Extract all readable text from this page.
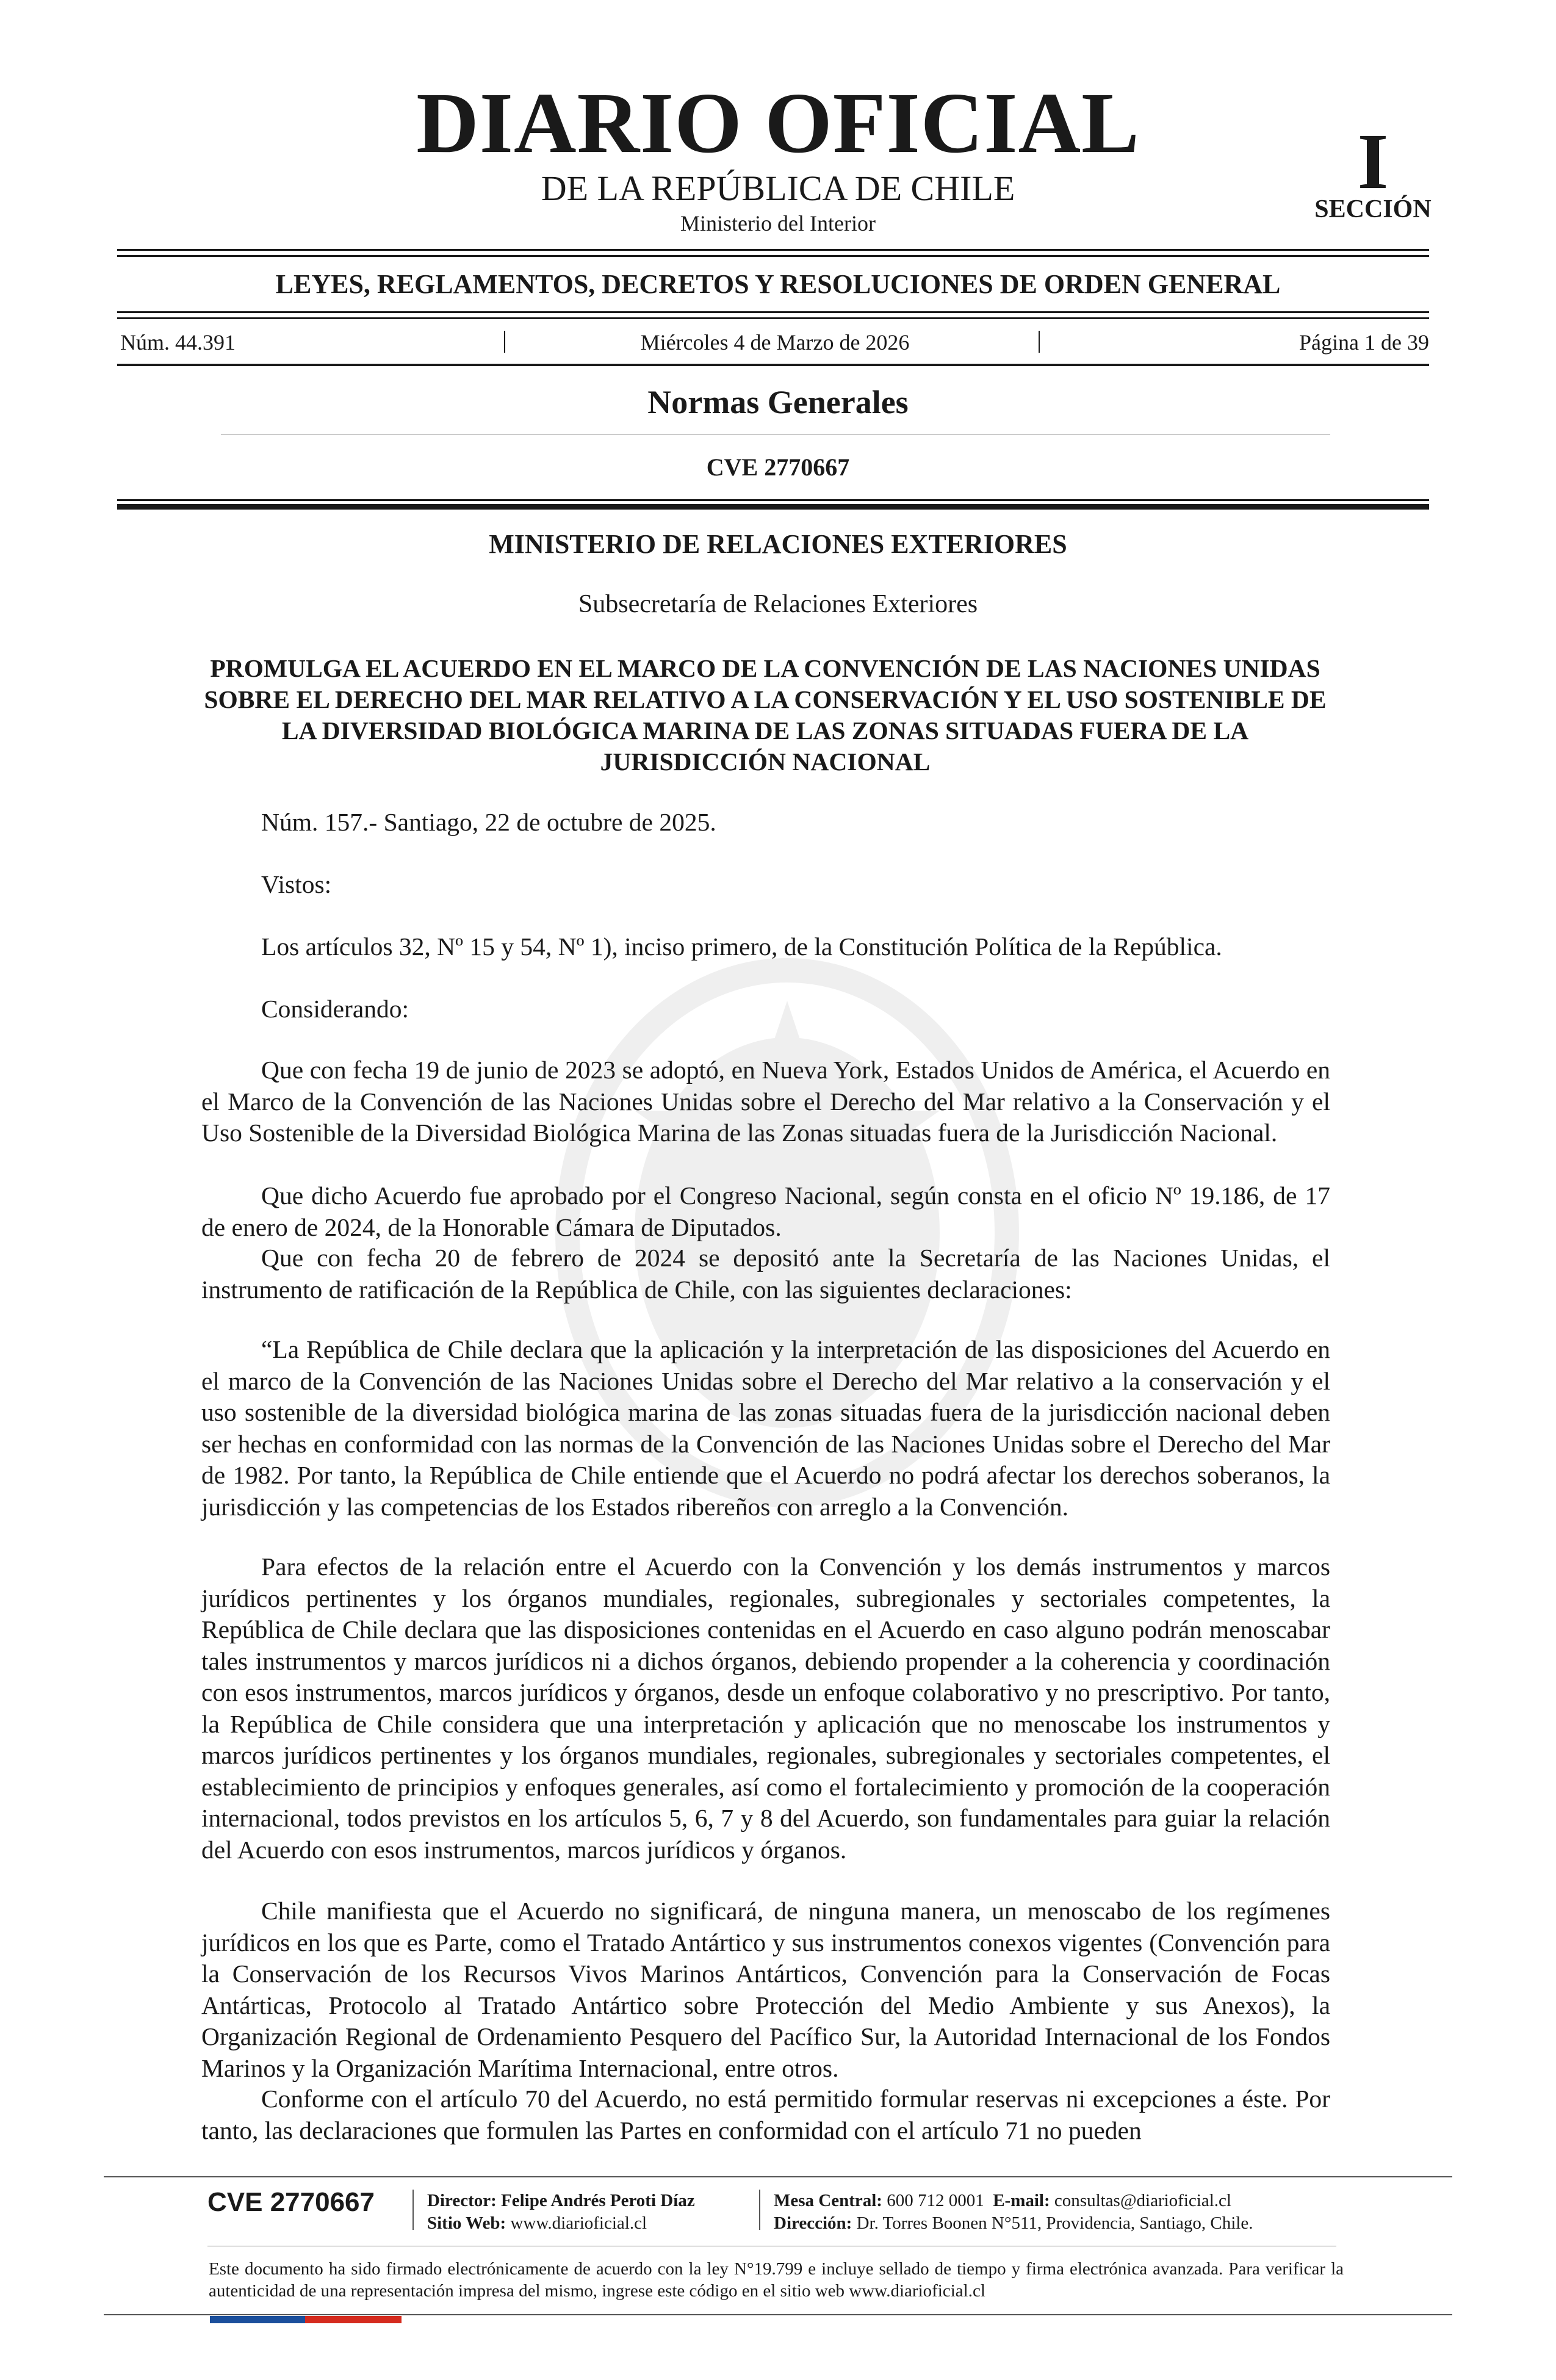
DIARIO OFICIAL
DE LA REPÚBLICA DE CHILE
Ministerio del Interior
I
SECCIÓN
LEYES, REGLAMENTOS, DECRETOS Y RESOLUCIONES DE ORDEN GENERAL
Núm. 44.391	Miércoles 4 de Marzo de 2026	Página 1 de 39
Normas Generales
CVE 2770667
MINISTERIO DE RELACIONES EXTERIORES
Subsecretaría de Relaciones Exteriores
PROMULGA EL ACUERDO EN EL MARCO DE LA CONVENCIÓN DE LAS NACIONES UNIDAS SOBRE EL DERECHO DEL MAR RELATIVO A LA CONSERVACIÓN Y EL USO SOSTENIBLE DE LA DIVERSIDAD BIOLÓGICA MARINA DE LAS ZONAS SITUADAS FUERA DE LA JURISDICCIÓN NACIONAL
Núm. 157.- Santiago, 22 de octubre de 2025.
Vistos:
Los artículos 32, Nº 15 y 54, Nº 1), inciso primero, de la Constitución Política de la República.
Considerando:
Que con fecha 19 de junio de 2023 se adoptó, en Nueva York, Estados Unidos de América, el Acuerdo en el Marco de la Convención de las Naciones Unidas sobre el Derecho del Mar relativo a la Conservación y el Uso Sostenible de la Diversidad Biológica Marina de las Zonas situadas fuera de la Jurisdicción Nacional.
Que dicho Acuerdo fue aprobado por el Congreso Nacional, según consta en el oficio Nº 19.186, de 17 de enero de 2024, de la Honorable Cámara de Diputados.
Que con fecha 20 de febrero de 2024 se depositó ante la Secretaría de las Naciones Unidas, el instrumento de ratificación de la República de Chile, con las siguientes declaraciones:
“La República de Chile declara que la aplicación y la interpretación de las disposiciones del Acuerdo en el marco de la Convención de las Naciones Unidas sobre el Derecho del Mar relativo a la conservación y el uso sostenible de la diversidad biológica marina de las zonas situadas fuera de la jurisdicción nacional deben ser hechas en conformidad con las normas de la Convención de las Naciones Unidas sobre el Derecho del Mar de 1982. Por tanto, la República de Chile entiende que el Acuerdo no podrá afectar los derechos soberanos, la jurisdicción y las competencias de los Estados ribereños con arreglo a la Convención.
Para efectos de la relación entre el Acuerdo con la Convención y los demás instrumentos y marcos jurídicos pertinentes y los órganos mundiales, regionales, subregionales y sectoriales competentes, la República de Chile declara que las disposiciones contenidas en el Acuerdo en caso alguno podrán menoscabar tales instrumentos y marcos jurídicos ni a dichos órganos, debiendo propender a la coherencia y coordinación con esos instrumentos, marcos jurídicos y órganos, desde un enfoque colaborativo y no prescriptivo. Por tanto, la República de Chile considera que una interpretación y aplicación que no menoscabe los instrumentos y marcos jurídicos pertinentes y los órganos mundiales, regionales, subregionales y sectoriales competentes, el establecimiento de principios y enfoques generales, así como el fortalecimiento y promoción de la cooperación internacional, todos previstos en los artículos 5, 6, 7 y 8 del Acuerdo, son fundamentales para guiar la relación del Acuerdo con esos instrumentos, marcos jurídicos y órganos.
Chile manifiesta que el Acuerdo no significará, de ninguna manera, un menoscabo de los regímenes jurídicos en los que es Parte, como el Tratado Antártico y sus instrumentos conexos vigentes (Convención para la Conservación de los Recursos Vivos Marinos Antárticos, Convención para la Conservación de Focas Antárticas, Protocolo al Tratado Antártico sobre Protección del Medio Ambiente y sus Anexos), la Organización Regional de Ordenamiento Pesquero del Pacífico Sur, la Autoridad Internacional de los Fondos Marinos y la Organización Marítima Internacional, entre otros.
Conforme con el artículo 70 del Acuerdo, no está permitido formular reservas ni excepciones a éste. Por tanto, las declaraciones que formulen las Partes en conformidad con el artículo 71 no pueden
CVE 2770667	Director: Felipe Andrés Peroti Díaz
Sitio Web: www.diarioficial.cl
Mesa Central: 600 712 0001 E-mail: consultas@diarioficial.cl
Dirección: Dr. Torres Boonen N°511, Providencia, Santiago, Chile.
Este documento ha sido firmado electrónicamente de acuerdo con la ley N°19.799 e incluye sellado de tiempo y firma electrónica avanzada. Para verificar la autenticidad de una representación impresa del mismo, ingrese este código en el sitio web www.diarioficial.cl
